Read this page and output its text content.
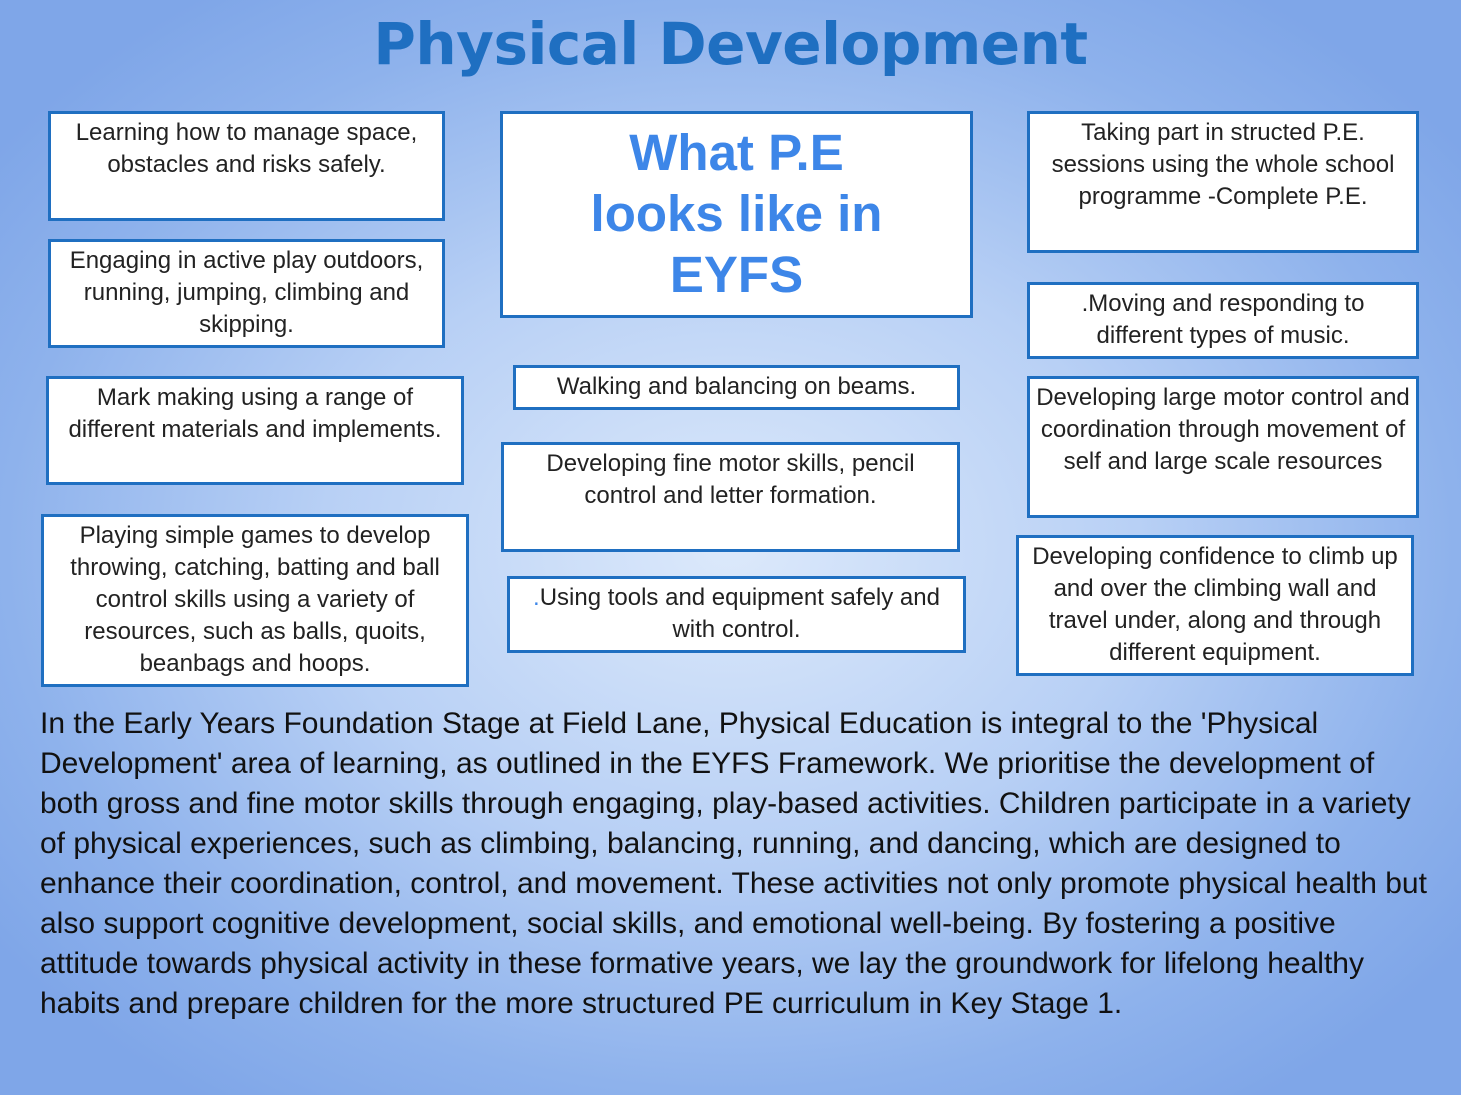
Physical Development
Learning how to manage space, obstacles and risks safely.
Engaging in active play outdoors, running, jumping, climbing and skipping.
Mark making using a range of different materials and implements.
Playing simple games to develop throwing, catching, batting and ball control skills using a variety of resources, such as balls, quoits, beanbags and hoops.
What P.E looks like in EYFS
Walking and balancing on beams.
Developing fine motor skills, pencil control and letter formation.
.Using tools and equipment safely and with control.
Taking part in structed P.E. sessions using the whole school programme -Complete P.E.
.Moving and responding to different types of music.
Developing large motor control and coordination through movement of self and large scale resources
Developing confidence to climb up and over the climbing wall and travel under, along and through different equipment.

In the Early Years Foundation Stage at Field Lane, Physical Education is integral to the 'Physical Development' area of learning, as outlined in the EYFS Framework. We prioritise the development of both gross and fine motor skills through engaging, play-based activities. Children participate in a variety of physical experiences, such as climbing, balancing, running, and dancing, which are designed to enhance their coordination, control, and movement. These activities not only promote physical health but also support cognitive development, social skills, and emotional well-being. By fostering a positive attitude towards physical activity in these formative years, we lay the groundwork for lifelong healthy habits and prepare children for the more structured PE curriculum in Key Stage 1.
